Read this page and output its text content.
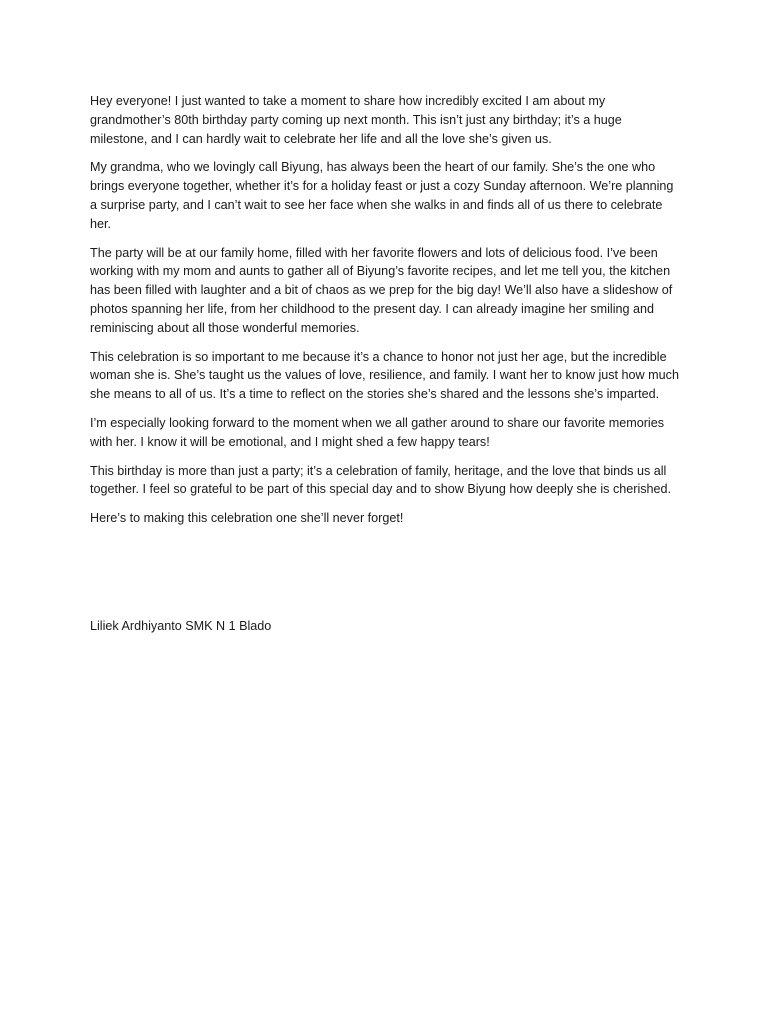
Hey everyone! I just wanted to take a moment to share how incredibly excited I am about my grandmother’s 80th birthday party coming up next month. This isn’t just any birthday; it’s a huge milestone, and I can hardly wait to celebrate her life and all the love she’s given us.

My grandma, who we lovingly call Biyung, has always been the heart of our family. She’s the one who brings everyone together, whether it’s for a holiday feast or just a cozy Sunday afternoon. We’re planning a surprise party, and I can’t wait to see her face when she walks in and finds all of us there to celebrate her.

The party will be at our family home, filled with her favorite flowers and lots of delicious food. I’ve been working with my mom and aunts to gather all of Biyung’s favorite recipes, and let me tell you, the kitchen has been filled with laughter and a bit of chaos as we prep for the big day! We’ll also have a slideshow of photos spanning her life, from her childhood to the present day. I can already imagine her smiling and reminiscing about all those wonderful memories.

This celebration is so important to me because it’s a chance to honor not just her age, but the incredible woman she is. She’s taught us the values of love, resilience, and family. I want her to know just how much she means to all of us. It’s a time to reflect on the stories she’s shared and the lessons she’s imparted.

I’m especially looking forward to the moment when we all gather around to share our favorite memories with her. I know it will be emotional, and I might shed a few happy tears!

This birthday is more than just a party; it’s a celebration of family, heritage, and the love that binds us all together. I feel so grateful to be part of this special day and to show Biyung how deeply she is cherished.

Here’s to making this celebration one she’ll never forget!

Liliek Ardhiyanto SMK N 1 Blado
